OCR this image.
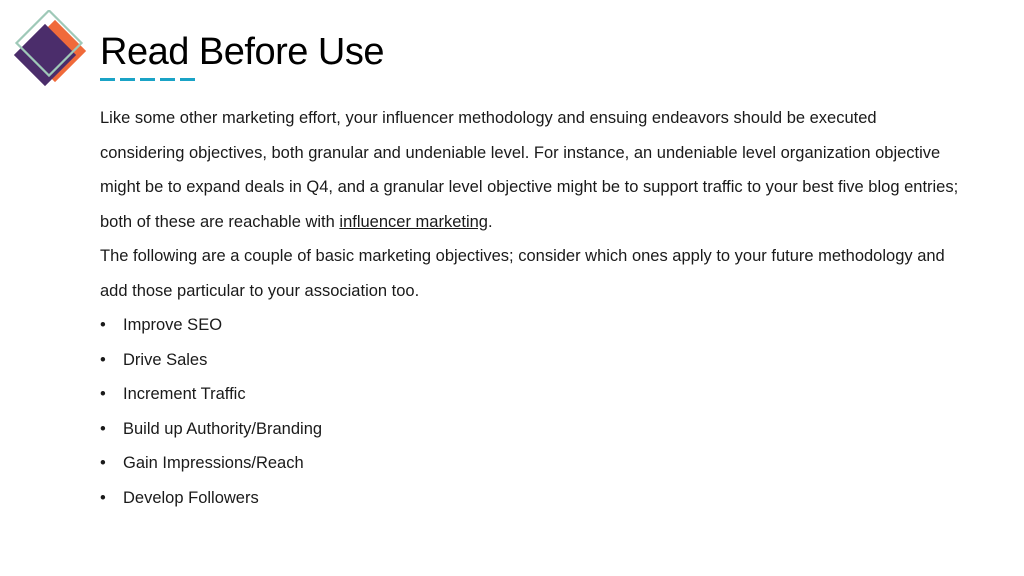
Read Before Use

Like some other marketing effort, your influencer methodology and ensuing endeavors should be executed considering objectives, both granular and undeniable level. For instance, an undeniable level organization objective might be to expand deals in Q4, and a granular level objective might be to support traffic to your best five blog entries; both of these are reachable with influencer marketing.

The following are a couple of basic marketing objectives; consider which ones apply to your future methodology and add those particular to your association too.

• Improve SEO
• Drive Sales
• Increment Traffic
• Build up Authority/Branding
• Gain Impressions/Reach
• Develop Followers
